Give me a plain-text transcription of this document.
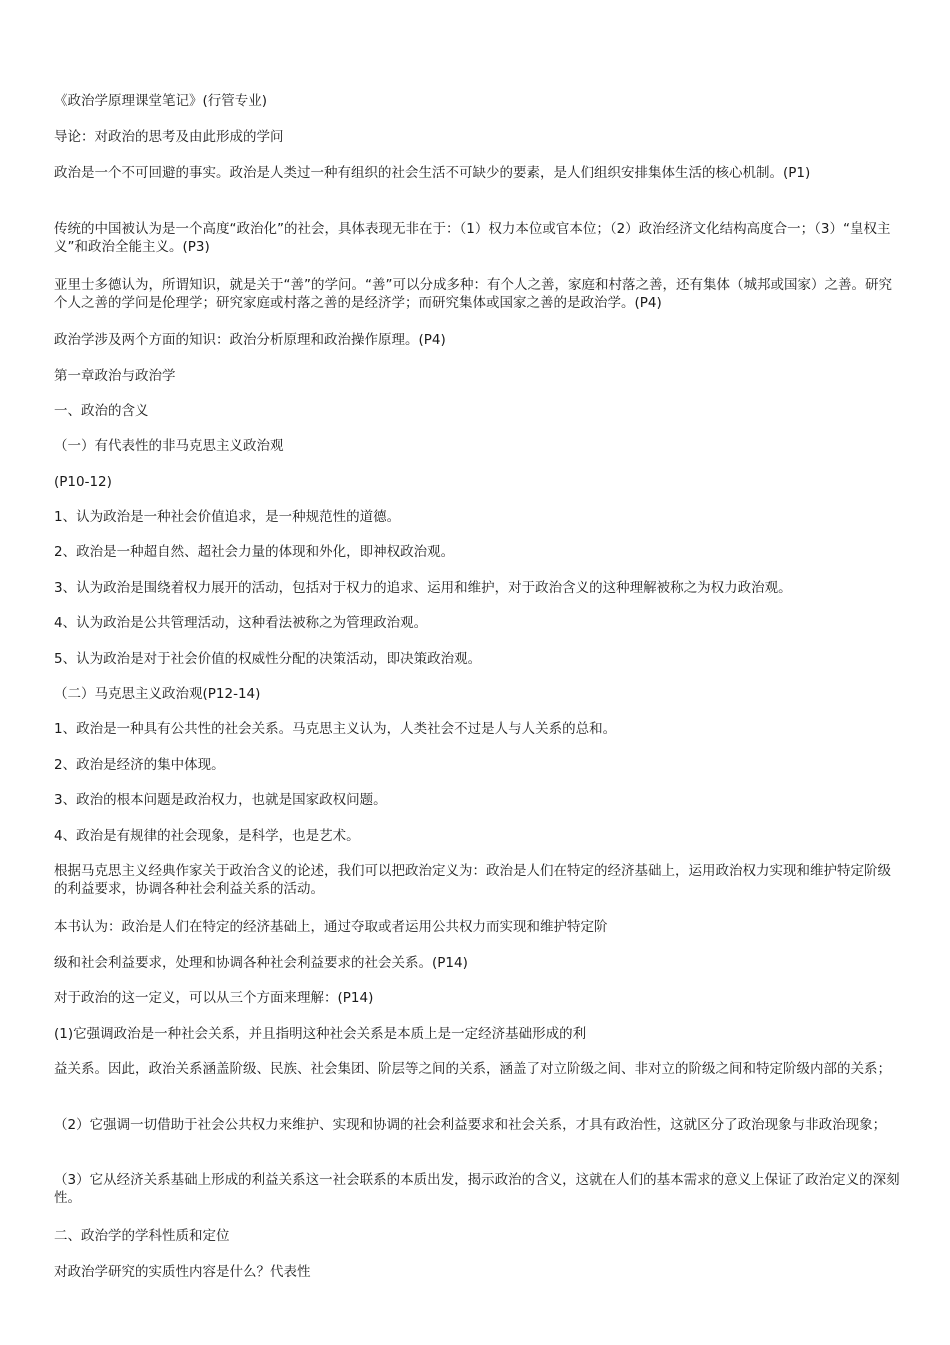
《政治学原理课堂笔记》(行管专业)

导论：对政治的思考及由此形成的学问

政治是一个不可回避的事实。政治是人类过一种有组织的社会生活不可缺少的要素，是人们组织安排集体生活的核心机制。(P1)

传统的中国被认为是一个高度“政治化”的社会，具体表现无非在于：（1）权力本位或官本位；（2）政治经济文化结构高度合一；（3）“皇权主义”和政治全能主义。(P3)

亚里士多德认为，所谓知识，就是关于“善”的学问。“善”可以分成多种：有个人之善，家庭和村落之善，还有集体（城邦或国家）之善。研究个人之善的学问是伦理学；研究家庭或村落之善的是经济学；而研究集体或国家之善的是政治学。(P4)

政治学涉及两个方面的知识：政治分析原理和政治操作原理。(P4)

第一章政治与政治学

一、政治的含义

（一）有代表性的非马克思主义政治观

(P10-12)

1、认为政治是一种社会价值追求，是一种规范性的道德。

2、政治是一种超自然、超社会力量的体现和外化，即神权政治观。

3、认为政治是围绕着权力展开的活动，包括对于权力的追求、运用和维护，对于政治含义的这种理解被称之为权力政治观。

4、认为政治是公共管理活动，这种看法被称之为管理政治观。

5、认为政治是对于社会价值的权威性分配的决策活动，即决策政治观。

（二）马克思主义政治观(P12-14)

1、政治是一种具有公共性的社会关系。马克思主义认为，人类社会不过是人与人关系的总和。

2、政治是经济的集中体现。

3、政治的根本问题是政治权力，也就是国家政权问题。

4、政治是有规律的社会现象，是科学，也是艺术。

根据马克思主义经典作家关于政治含义的论述，我们可以把政治定义为：政治是人们在特定的经济基础上，运用政治权力实现和维护特定阶级的利益要求，协调各种社会利益关系的活动。

本书认为：政治是人们在特定的经济基础上，通过夺取或者运用公共权力而实现和维护特定阶

级和社会利益要求，处理和协调各种社会利益要求的社会关系。(P14)

对于政治的这一定义，可以从三个方面来理解：(P14)

(1)它强调政治是一种社会关系，并且指明这种社会关系是本质上是一定经济基础形成的利

益关系。因此，政治关系涵盖阶级、民族、社会集团、阶层等之间的关系，涵盖了对立阶级之间、非对立的阶级之间和特定阶级内部的关系；

（2）它强调一切借助于社会公共权力来维护、实现和协调的社会利益要求和社会关系，才具有政治性，这就区分了政治现象与非政治现象；

（3）它从经济关系基础上形成的利益关系这一社会联系的本质出发，揭示政治的含义，这就在人们的基本需求的意义上保证了政治定义的深刻性。

二、政治学的学科性质和定位

对政治学研究的实质性内容是什么？代表性
